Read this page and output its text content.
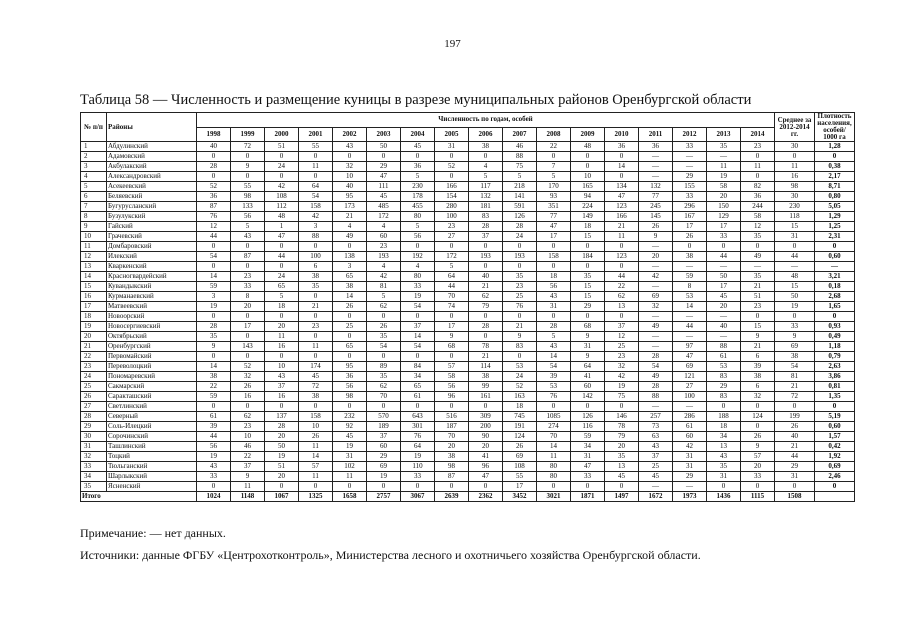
197
Таблица 58 — Численность и размещение куницы в разрезе муниципальных районов Оренбургской области
№ п/п	Районы	Численность по годам, особей																	Среднее за 2012-2014 гг.	Плотность населения, особей/ 1000 га
		1998	1999	2000	2001	2002	2003	2004	2005	2006	2007	2008	2009	2010	2011	2012	2013	2014		
1	Абдулинский	40	72	51	55	43	50	45	31	38	46	22	48	36	36	33	35	23	30	1,28
2	Адамовский	0	0	0	0	0	0	0	0	0	88	0	0	0	—	—	—	0	0	0
3	Акбулакский	28	9	24	11	32	29	36	52	4	75	7	0	14	—	—	11	11	11	0,38
4	Александровский	0	0	0	0	10	47	5	0	5	5	5	10	0	—	29	19	0	16	2,17
5	Асекеевский	52	55	42	64	40	111	230	166	117	218	170	165	134	132	155	58	82	98	8,71
6	Беляевский	36	98	108	54	95	45	178	154	132	141	93	94	47	77	33	20	36	30	0,80
7	Бугурусланский	87	133	112	158	173	485	455	280	181	591	351	224	123	245	296	150	244	230	5,05
8	Бузулукский	76	56	48	42	21	172	80	100	83	126	77	149	166	145	167	129	58	118	1,29
9	Гайский	12	5	1	3	4	4	5	23	28	28	47	18	21	26	17	17	12	15	1,25
10	Грачевский	44	43	47	88	49	60	56	27	37	24	17	15	11	9	26	33	35	31	2,31
11	Домбаровский	0	0	0	0	0	23	0	0	0	0	0	0	0	—	0	0	0	0	0
12	Илекский	54	87	44	100	138	193	192	172	193	193	158	184	123	20	38	44	49	44	0,60
13	Кваркенский	0	0	0	6	3	4	4	5	0	0	0	0	0	—	—	—	—	—	—
14	Красногвардейский	14	23	24	38	65	42	80	64	40	35	18	35	44	42	59	50	35	48	3,21
15	Кувандыкский	59	33	65	35	38	81	33	44	21	23	56	15	22	—	8	17	21	15	0,18
16	Курманаевский	3	8	5	0	14	5	19	70	62	25	43	15	62	69	53	45	51	50	2,68
17	Матвеевский	19	20	18	21	26	62	54	74	79	76	31	29	13	32	14	20	23	19	1,65
18	Новоорский	0	0	0	0	0	0	0	0	0	0	0	0	0	—	—	—	0	0	0
19	Новосергиевский	28	17	20	23	25	26	37	17	28	21	28	68	37	49	44	40	15	33	0,93
20	Октябрьский	35	0	11	0	0	35	14	9	0	9	5	9	12	—	—	—	9	9	0,49
21	Оренбургский	9	143	16	11	65	54	54	68	78	83	43	31	25	—	97	88	21	69	1,18
22	Первомайский	0	0	0	0	0	0	0	0	21	0	14	9	23	28	47	61	6	38	0,79
23	Переволоцкий	14	52	10	174	95	89	84	57	114	53	54	64	32	54	69	53	39	54	2,63
24	Пономаревский	38	32	43	45	36	35	34	58	38	24	39	41	42	49	121	83	38	81	3,86
25	Сакмарский	22	26	37	72	56	62	65	56	99	52	53	60	19	28	27	29	6	21	0,81
26	Саракташский	59	16	16	38	98	70	61	96	161	163	76	142	75	88	100	83	32	72	1,35
27	Светлинский	0	0	0	0	0	0	0	0	0	18	0	0	0	—	—	0	0	0	0
28	Северный	61	62	137	158	232	570	643	516	309	745	1085	126	146	257	286	188	124	199	5,19
29	Соль-Илецкий	39	23	28	10	92	189	301	187	200	191	274	116	78	73	61	18	0	26	0,60
30	Сорочинский	44	10	20	26	45	37	76	70	90	124	70	59	79	63	60	34	26	40	1,57
31	Ташлинский	56	46	50	11	19	60	64	20	20	26	14	34	20	43	42	13	9	21	0,42
32	Тоцкий	19	22	19	14	31	29	19	38	41	69	11	31	35	37	31	43	57	44	1,92
33	Тюльганский	43	37	51	57	102	69	110	98	96	108	80	47	13	25	31	35	20	29	0,69
34	Шарлыкский	33	9	20	11	11	19	33	87	47	55	80	33	45	45	29	31	33	31	2,46
35	Ясненский	0	11	0	0	0	0	0	0	0	17	0	0	0	—	—	0	0	0	0
Итого		1024	1148	1067	1325	1658	2757	3067	2639	2362	3452	3021	1871	1497	1672	1973	1436	1115	1508	
Примечание: — нет данных.
Источники: данные ФГБУ «Центрохотконтроль», Министерства лесного и охотничьего хозяйства Оренбургской области.
